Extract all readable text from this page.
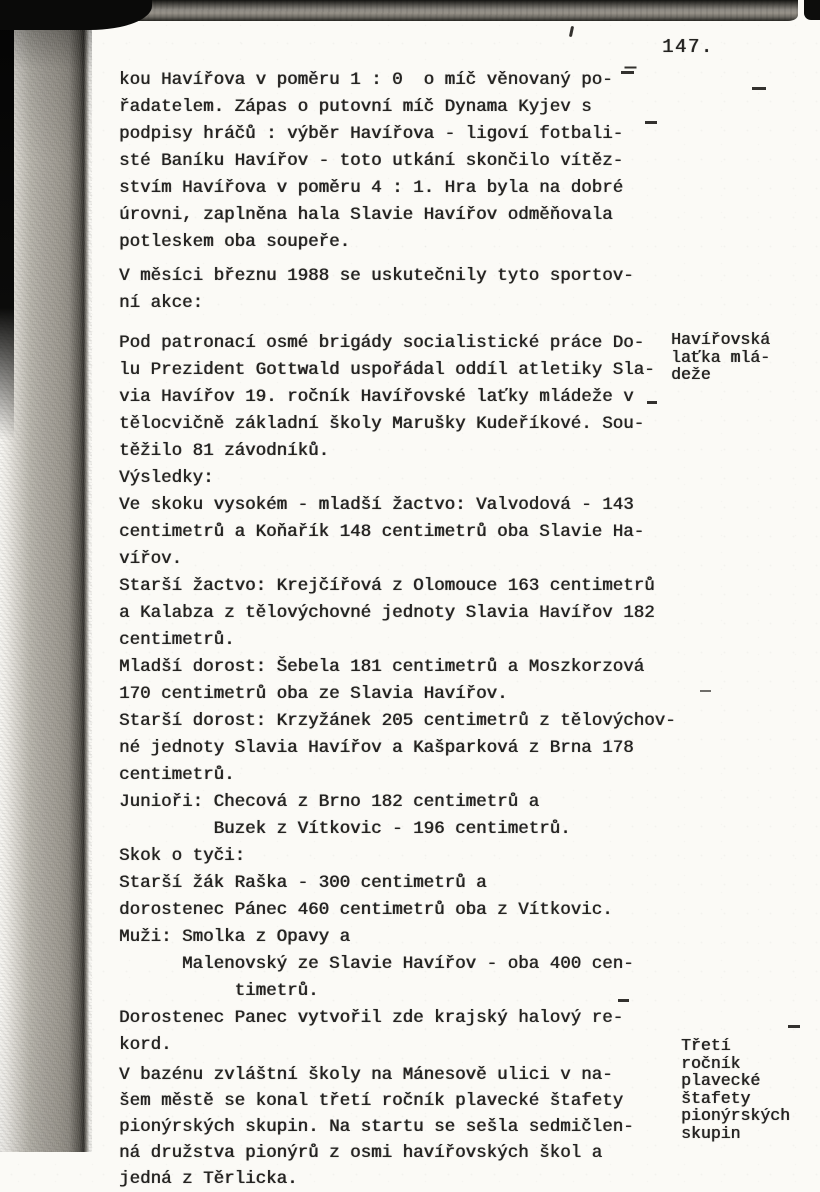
147.
kou Havířova v poměru 1 : 0  o míč věnovaný po-
řadatelem. Zápas o putovní míč Dynama Kyjev s
podpisy hráčů : výběr Havířova - ligoví fotbali-
sté Baníku Havířov - toto utkání skončilo vítěz-
stvím Havířova v poměru 4 : 1. Hra byla na dobré
úrovni, zaplněna hala Slavie Havířov odměňovala
potleskem oba soupeře.
V měsíci březnu 1988 se uskutečnily tyto sportov-
ní akce:
Pod patronací osmé brigády socialistické práce Do-
lu Prezident Gottwald uspořádal oddíl atletiky Sla-
via Havířov 19. ročník Havířovské laťky mládeže v
tělocvičně základní školy Marušky Kudeříkové. Sou-
těžilo 81 závodníků.
Výsledky:
Ve skoku vysokém - mladší žactvo: Valvodová - 143
centimetrů a Koňařík 148 centimetrů oba Slavie Ha-
vířov.
Starší žactvo: Krejčířová z Olomouce 163 centimetrů
a Kalabza z tělovýchovné jednoty Slavia Havířov 182
centimetrů.
Mladší dorost: Šebela 181 centimetrů a Moszkorzová
170 centimetrů oba ze Slavia Havířov.
Starší dorost: Krzyžánek 205 centimetrů z tělovýchov-
né jednoty Slavia Havířov a Kašparková z Brna 178
centimetrů.
Junioři: Checová z Brno 182 centimetrů a
Buzek z Vítkovic - 196 centimetrů.
Skok o tyči:
Starší žák Raška - 300 centimetrů a
dorostenec Pánec 460 centimetrů oba z Vítkovic.
Muži: Smolka z Opavy a
Malenovský ze Slavie Havířov - oba 400 cen-
timetrů.
Dorostenec Panec vytvořil zde krajský halový re-
kord.
V bazénu zvláštní školy na Mánesově ulici v na-
šem městě se konal třetí ročník plavecké štafety
pionýrských skupin. Na startu se sešla sedmičlen-
ná družstva pionýrů z osmi havířovských škol a
jedná z Těrlicka.
Havířovská
laťka mlá-
deže
Třetí
ročník
plavecké
štafety
pionýrských
skupin
